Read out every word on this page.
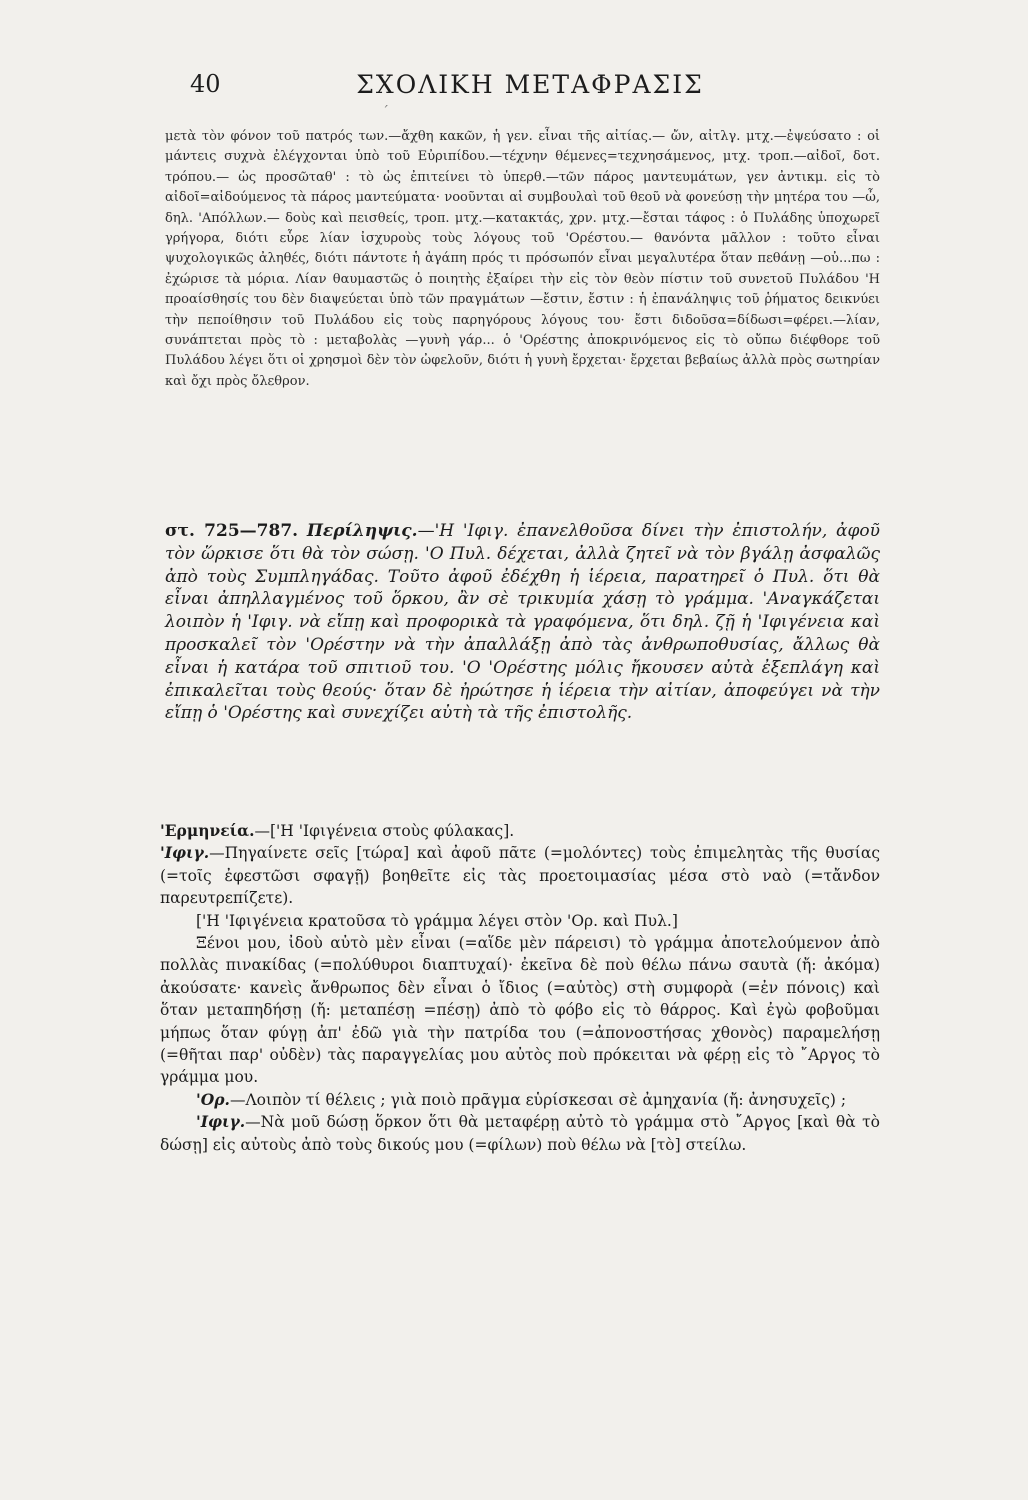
40	ΣΧΟΛΙΚΗ ΜΕΤΑΦΡΑΣΙΣ
ˊ

μετὰ τὸν φόνον τοῦ πατρός των.—ἄχθη κακῶν, ἡ γεν. εἶναι τῆς αἰτίας.— ὤν, αἰτλγ. μτχ.—ἐψεύσατο : οἱ μάντεις συχνὰ ἐλέγχονται ὑπὸ τοῦ Εὐριπίδου.—τέχνην θέμενες=τεχνησάμενος, μτχ. τροπ.—αἰδοῖ, δοτ. τρόπου.— ὡς προσῶταθ' : τὸ ὡς ἐπιτείνει τὸ ὑπερθ.—τῶν πάρος μαντευμάτων, γεν ἀντικμ. εἰς τὸ αἰδοῖ=αἰδούμενος τὰ πάρος μαντεύματα· νοοῦνται αἱ συμβουλαὶ τοῦ θεοῦ νὰ φονεύσῃ τὴν μητέρα του —ὦ, δηλ. 'Απόλλων.— δοὺς καὶ πεισθείς, τροπ. μτχ.—κατακτάς, χρν. μτχ.—ἔσται τάφος : ὁ Πυλάδης ὑποχωρεῖ γρήγορα, διότι εὗρε λίαν ἰσχυροὺς τοὺς λόγους τοῦ 'Ορέστου.— θανόντα μᾶλλον : τοῦτο εἶναι ψυχολογικῶς ἀληθές, διότι πάντοτε ἡ ἀγάπη πρός τι πρόσωπόν εἶναι μεγαλυτέρα ὅταν πεθάνῃ —οὐ...πω : ἐχώρισε τὰ μόρια. Λίαν θαυμαστῶς ὁ ποιητὴς ἐξαίρει τὴν εἰς τὸν θεὸν πίστιν τοῦ συνετοῦ Πυλάδου 'Η προαίσθησίς του δὲν διαψεύεται ὑπὸ τῶν πραγμάτων —ἔστιν, ἔστιν : ἡ ἐπανάληψις τοῦ ῥήματος δεικνύει τὴν πεποίθησιν τοῦ Πυλάδου εἰς τοὺς παρηγόρους λόγους του· ἔστι διδοῦσα=δίδωσι=φέρει.—λίαν, συνάπτεται πρὸς τὸ : μεταβολὰς —γυνὴ γάρ... ὁ 'Ορέστης ἀποκρινόμενος εἰς τὸ οὔπω διέφθορε τοῦ Πυλάδου λέγει ὅτι οἱ χρησμοὶ δὲν τὸν ὠφελοῦν, διότι ἡ γυνὴ ἔρχεται· ἔρχεται βεβαίως ἀλλὰ πρὸς σωτηρίαν καὶ ὄχι πρὸς ὄλεθρον.

στ. 725—787. Περίληψις.—'Η 'Ιφιγ. ἐπανελθοῦσα δίνει τὴν ἐπιστολήν, ἀφοῦ τὸν ὥρκισε ὅτι θὰ τὸν σώσῃ. 'Ο Πυλ. δέχεται, ἀλλὰ ζητεῖ νὰ τὸν βγάλῃ ἀσφαλῶς ἀπὸ τοὺς Συμπληγάδας. Τοῦτο ἀφοῦ ἐδέχθη ἡ ἱέρεια, παρατηρεῖ ὁ Πυλ. ὅτι θὰ εἶναι ἀπηλλαγμένος τοῦ ὅρκου, ἂν σὲ τρικυμία χάσῃ τὸ γράμμα. 'Αναγκάζεται λοιπὸν ἡ 'Ιφιγ. νὰ εἴπῃ καὶ προφορικὰ τὰ γραφόμενα, ὅτι δηλ. ζῇ ἡ 'Ιφιγένεια καὶ προσκαλεῖ τὸν 'Ορέστην νὰ τὴν ἀπαλλάξῃ ἀπὸ τὰς ἀνθρωποθυσίας, ἄλλως θὰ εἶναι ἡ κατάρα τοῦ σπιτιοῦ του. 'Ο 'Ορέστης μόλις ἤκουσεν αὐτὰ ἐξεπλάγη καὶ ἐπικαλεῖται τοὺς θεούς· ὅταν δὲ ἠρώτησε ἡ ἱέρεια τὴν αἰτίαν, ἀποφεύγει νὰ τὴν εἴπῃ ὁ 'Ορέστης καὶ συνεχίζει αὐτὴ τὰ τῆς ἐπιστολῆς.

'Ερμηνεία.—['Η 'Ιφιγένεια στοὺς φύλακας].

'Ιφιγ.—Πηγαίνετε σεῖς [τώρα] καὶ ἀφοῦ πᾶτε (=μολόντες) τοὺς ἐπιμελητὰς τῆς θυσίας (=τοῖς ἐφεστῶσι σφαγῇ) βοηθεῖτε εἰς τὰς προετοιμασίας μέσα στὸ ναὸ (=τἄνδον παρευτρεπίζετε).

['Η 'Ιφιγένεια κρατοῦσα τὸ γράμμα λέγει στὸν 'Ορ. καὶ Πυλ.]

Ξένοι μου, ἰδοὺ αὐτὸ μὲν εἶναι (=αἵδε μὲν πάρεισι) τὸ γράμμα ἀποτελούμενον ἀπὸ πολλὰς πινακίδας (=πολύθυροι διαπτυχαί)· ἐκεῖνα δὲ ποὺ θέλω πάνω σαυτὰ (ἤ: ἀκόμα) ἀκούσατε· κανεὶς ἄνθρωπος δὲν εἶναι ὁ ἴδιος (=αὐτὸς) στὴ συμφορὰ (=ἐν πόνοις) καὶ ὅταν μεταπηδήσῃ (ἤ: μεταπέσῃ =πέσῃ) ἀπὸ τὸ φόβο εἰς τὸ θάρρος. Καὶ ἐγὼ φοβοῦμαι μήπως ὅταν φύγῃ ἀπ' ἐδῶ γιὰ τὴν πατρίδα του (=ἀπονοστήσας χθονὸς) παραμελήσῃ (=θῆται παρ' οὐδὲν) τὰς παραγγελίας μου αὐτὸς ποὺ πρόκειται νὰ φέρῃ εἰς τὸ ῎Αργος τὸ γράμμα μου.

'Ορ.—Λοιπὸν τί θέλεις ; γιὰ ποιὸ πρᾶγμα εὑρίσκεσαι σὲ ἀμηχανία (ἤ: ἀνησυχεῖς) ;

'Ιφιγ.—Νὰ μοῦ δώσῃ ὅρκον ὅτι θὰ μεταφέρῃ αὐτὸ τὸ γράμμα στὸ ῎Αργος [καὶ θὰ τὸ δώσῃ] εἰς αὐτοὺς ἀπὸ τοὺς δικούς μου (=φίλων) ποὺ θέλω νὰ [τὸ] στείλω.
